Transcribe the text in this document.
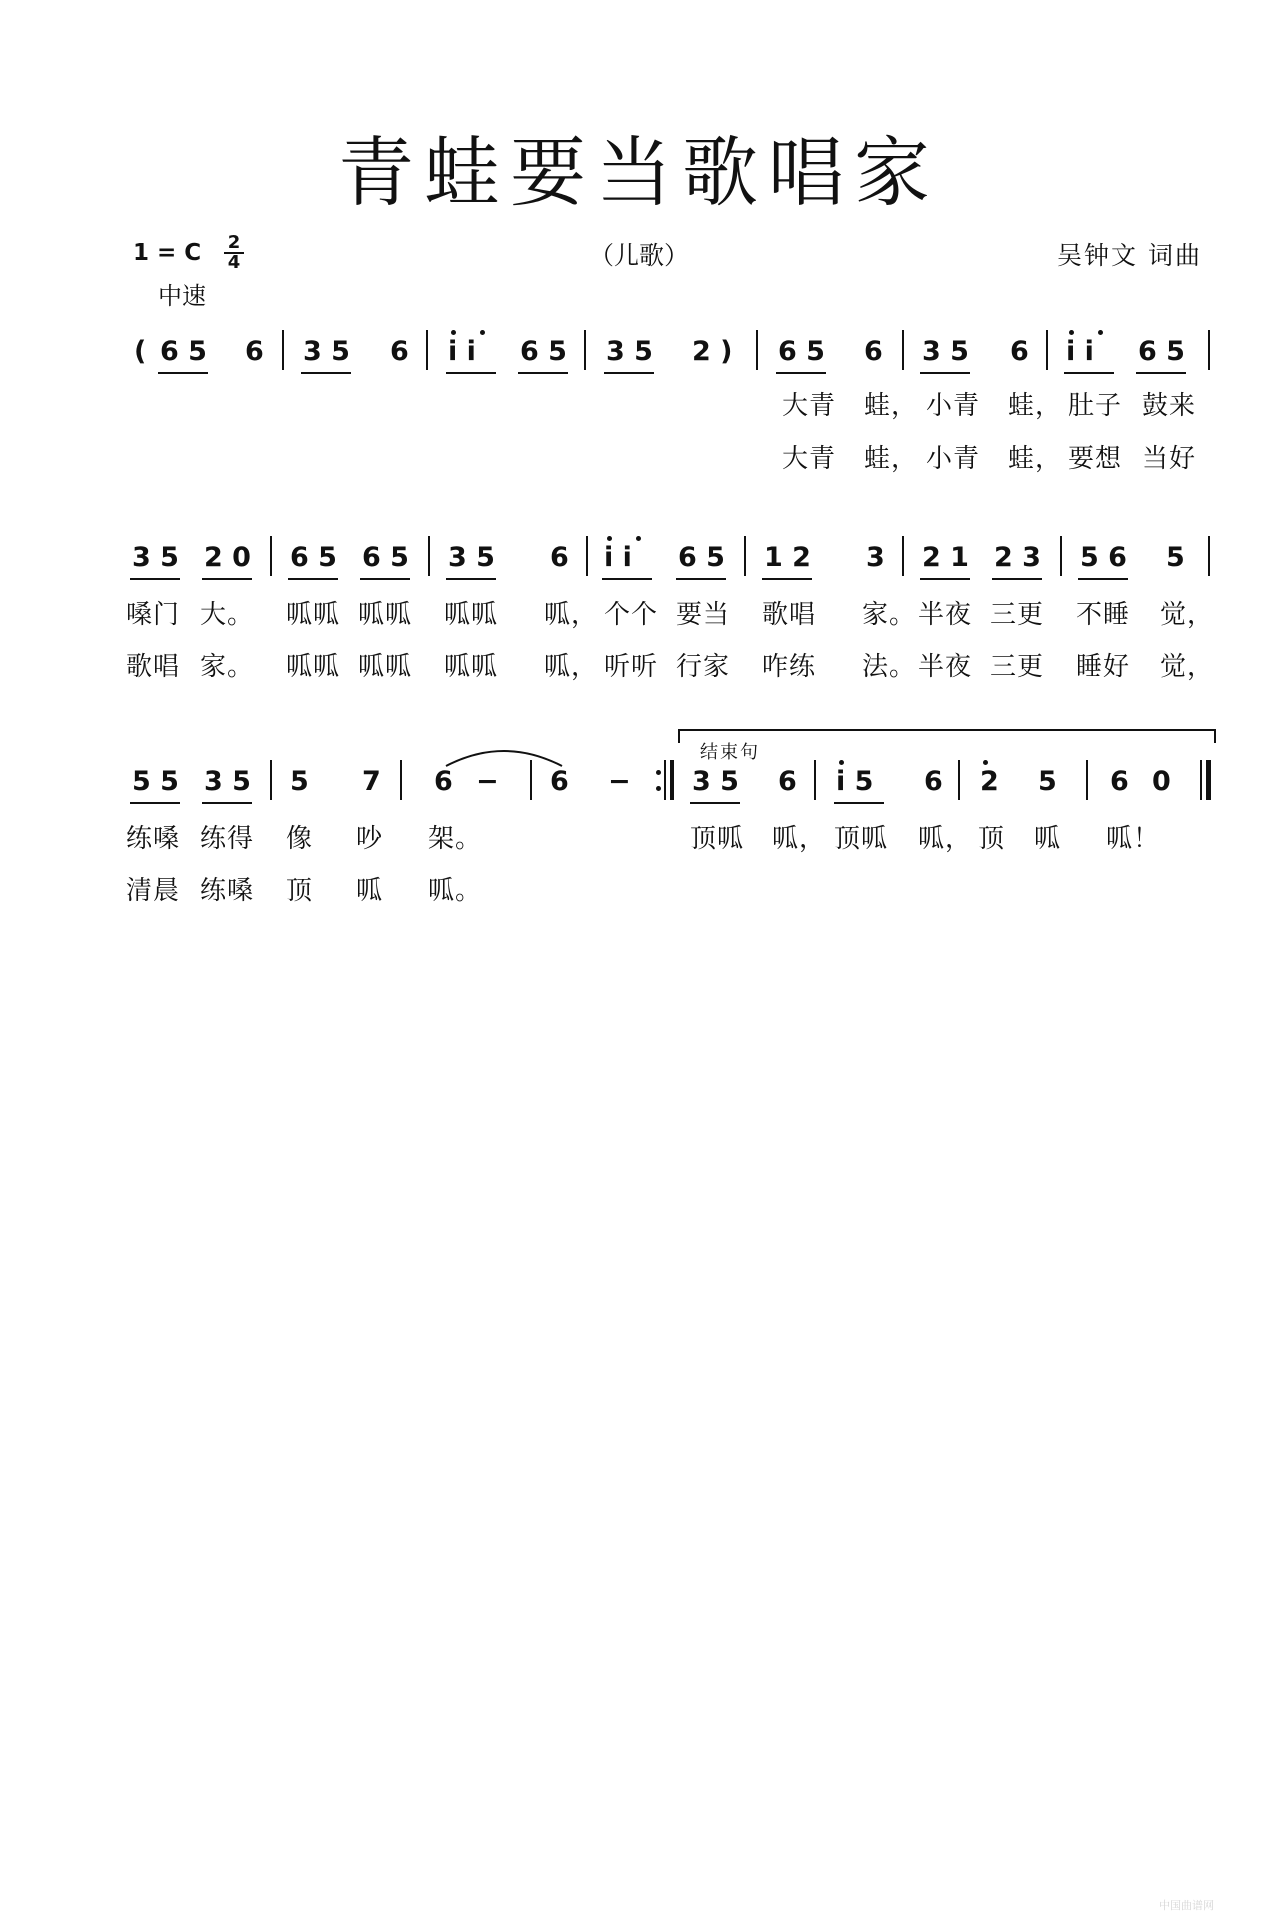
青蛙要当歌唱家
1 = C 2
4
中速
（儿歌）	吴钟文 词曲
( 6 5 6 3 5 6 i i 6 5 3 5 2 ) 6 5 6 3 5 6 i i 6 5
大青 蛙， 小青 蛙， 肚子 鼓来
大青 蛙， 小青 蛙， 要想 当好
3 5 2 0 6 5 6 5 3 5 6 i i 6 5 1 2 3 2 1 2 3 5 6 5
嗓门 大。 呱呱 呱呱 呱呱 呱， 个个 要当 歌唱 家。 半夜 三更 不睡 觉，
歌唱 家。 呱呱 呱呱 呱呱 呱， 听听 行家 咋练 法。 半夜 三更 睡好 觉，
结束句
5 5 3 5 5 7 6 − 6 − 3 5 6 i 5 6 2 5 6 0
练嗓 练得 像 吵 架。	顶呱 呱， 顶呱 呱， 顶 呱 呱！
清晨 练嗓 顶 呱 呱。
中国曲谱网
